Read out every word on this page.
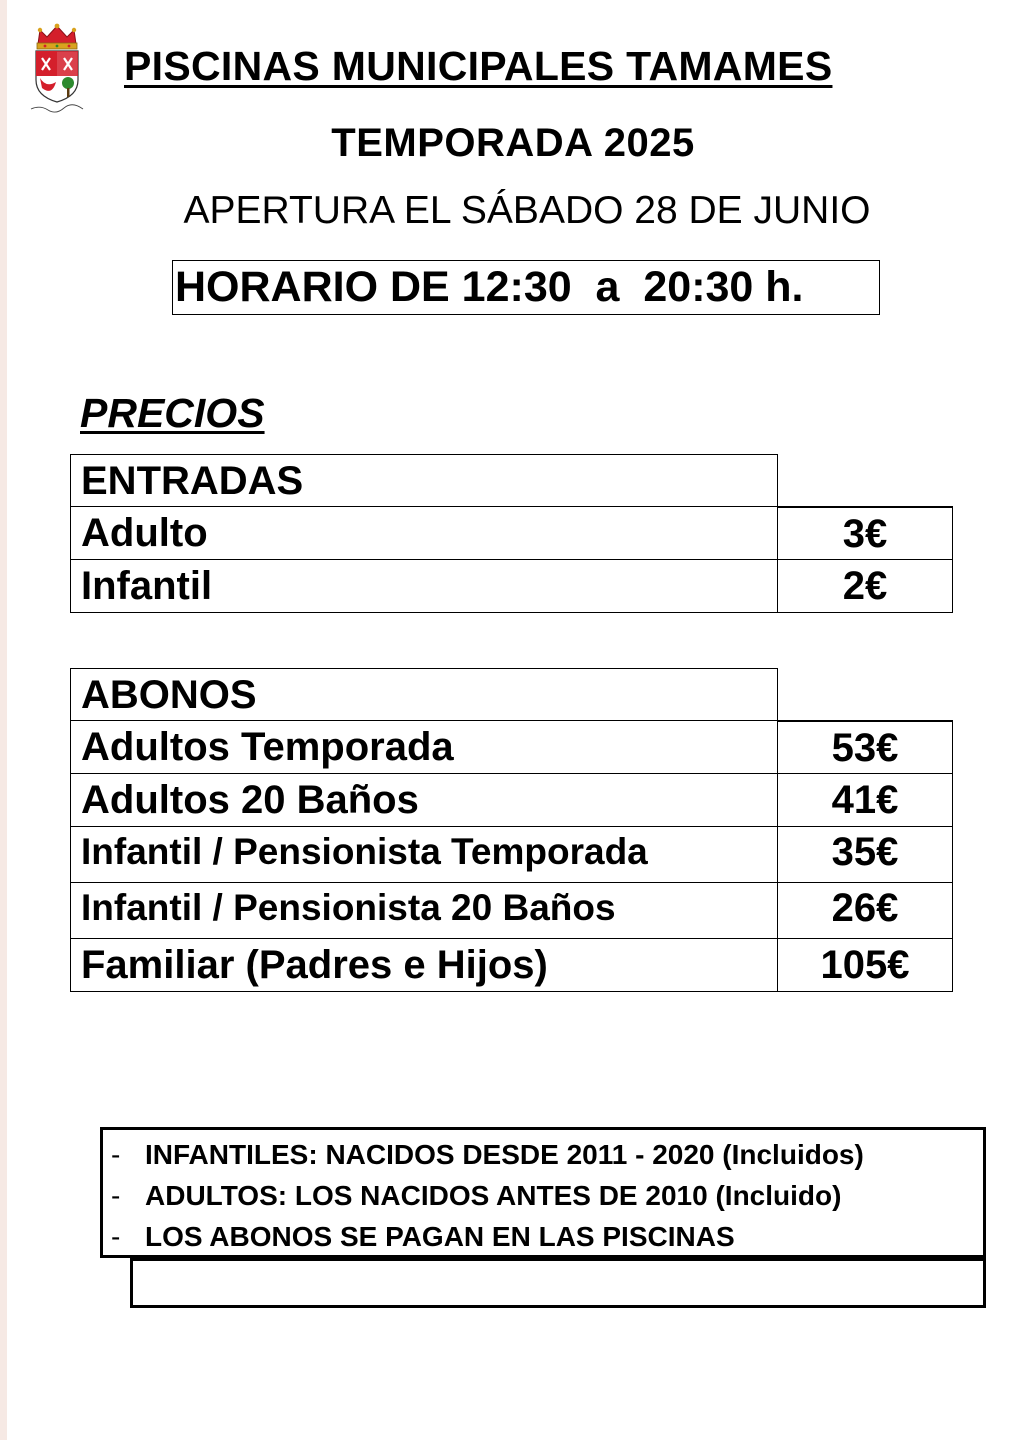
PISCINAS MUNICIPALES TAMAMES
TEMPORADA 2025
APERTURA EL SÁBADO 28 DE JUNIO
HORARIO DE 12:30  a  20:30 h.
PRECIOS
ENTRADAS
Adulto	3€
Infantil	2€
ABONOS
Adultos Temporada	53€
Adultos 20 Baños	41€
Infantil / Pensionista Temporada	35€
Infantil / Pensionista 20 Baños	26€
Familiar (Padres e Hijos)	105€
- INFANTILES: NACIDOS DESDE 2011 - 2020 (Incluidos)
- ADULTOS: LOS NACIDOS ANTES DE 2010 (Incluido)
- LOS ABONOS SE PAGAN EN LAS PISCINAS
